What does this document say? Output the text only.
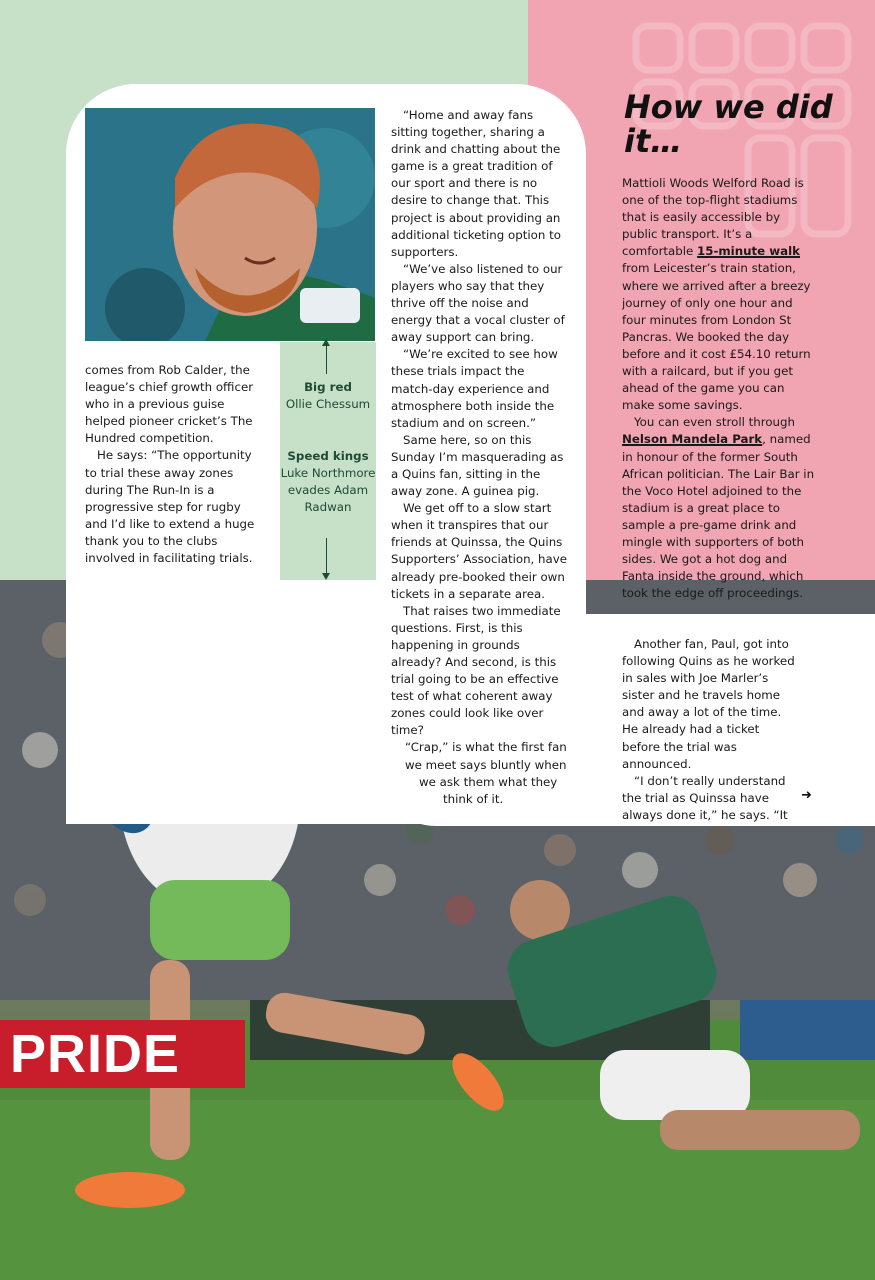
PRIDE
Big red
Ollie Chessum
Speed kings
Luke Northmore evades Adam Radwan

comes from Rob Calder, the league’s chief growth officer who in a previous guise helped pioneer cricket’s The Hundred competition.

He says: “The opportunity to trial these away zones during The Run-In is a progressive step for rugby and I’d like to extend a huge thank you to the clubs involved in facilitating trials.

“Home and away fans sitting together, sharing a drink and chatting about the game is a great tradition of our sport and there is no desire to change that. This project is about providing an additional ticketing option to supporters.

“We’ve also listened to our players who say that they thrive off the noise and energy that a vocal cluster of away support can bring.

“We’re excited to see how these trials impact the match-day experience and atmosphere both inside the stadium and on screen.”

Same here, so on this Sunday I’m masquerading as a Quins fan, sitting in the away zone. A guinea pig.

We get off to a slow start when it transpires that our friends at Quinssa, the Quins Supporters’ Association, have already pre-booked their own tickets in a separate area.

That raises two immediate questions. First, is this happening in grounds already? And second, is this trial going to be an effective test of what coherent away zones could look like over time?

“Crap,” is what the first fan

we meet says bluntly when

we ask them what they

think of it.

How we did it…

Mattioli Woods Welford Road is one of the top-flight stadiums that is easily accessible by public transport. It’s a comfortable 15-minute walk from Leicester’s train station, where we arrived after a breezy journey of only one hour and four minutes from London St Pancras. We booked the day before and it cost £54.10 return with a railcard, but if you get ahead of the game you can make some savings.

You can even stroll through Nelson Mandela Park, named in honour of the former South African politician. The Lair Bar in the Voco Hotel adjoined to the stadium is a great place to sample a pre-game drink and mingle with supporters of both sides. We got a hot dog and Fanta inside the ground, which took the edge off proceedings.

Another fan, Paul, got into following Quins as he worked in sales with Joe Marler’s sister and he travels home and away a lot of the time. He already had a ticket before the trial was announced.

“I don’t really understand the trial as Quinssa have always done it,” he says. “It

➜
